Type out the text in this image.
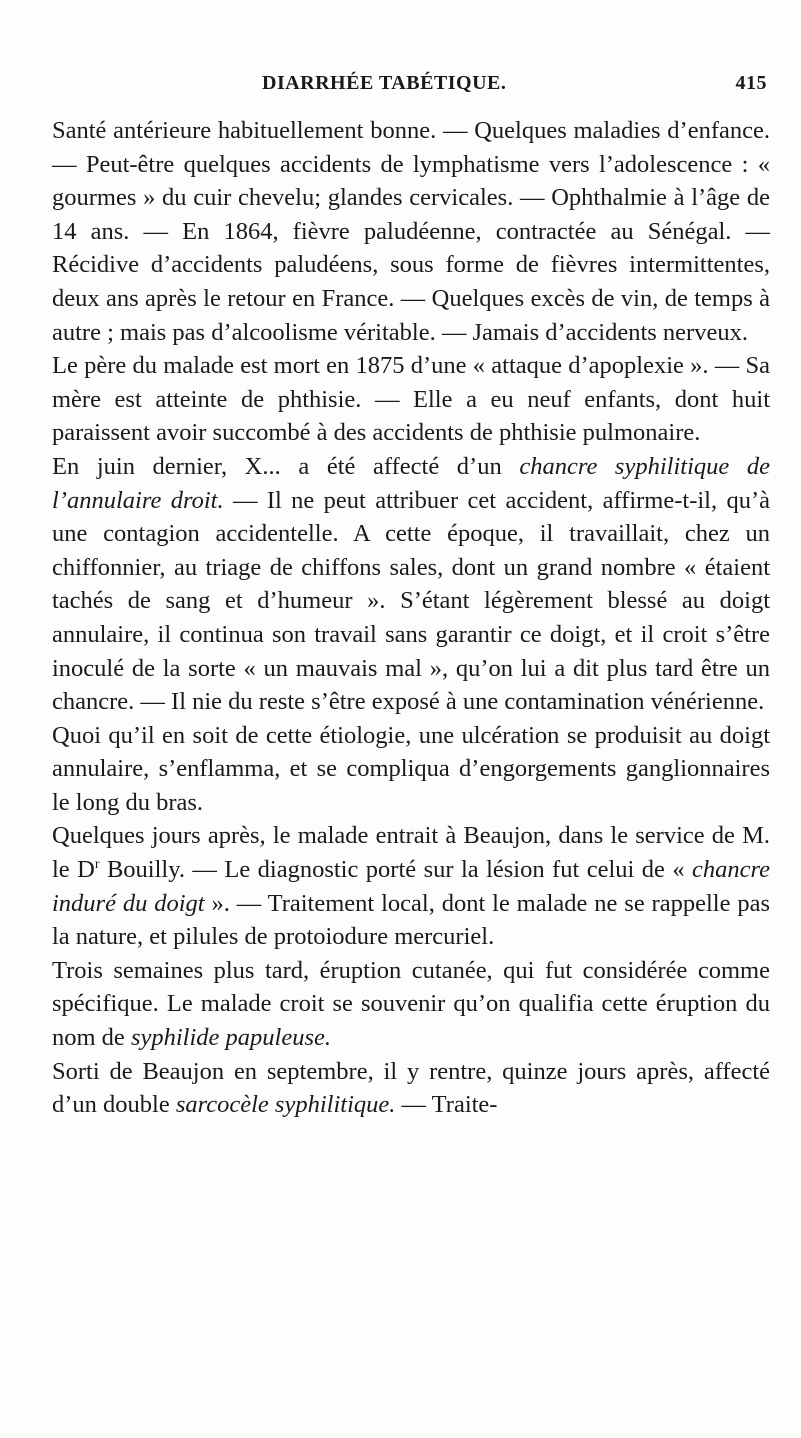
DIARRHÉE TABÉTIQUE.	415

Santé antérieure habituellement bonne. — Quelques maladies d’enfance. — Peut-être quelques accidents de lymphatisme vers l’adolescence : « gourmes » du cuir chevelu; glandes cervicales. — Ophthalmie à l’âge de 14 ans. — En 1864, fièvre paludéenne, contractée au Sénégal. — Récidive d’accidents paludéens, sous forme de fièvres intermittentes, deux ans après le retour en France. — Quelques excès de vin, de temps à autre ; mais pas d’alcoolisme véritable. — Jamais d’accidents nerveux.

Le père du malade est mort en 1875 d’une « attaque d’apoplexie ». — Sa mère est atteinte de phthisie. — Elle a eu neuf enfants, dont huit paraissent avoir succombé à des accidents de phthisie pulmonaire.

En juin dernier, X... a été affecté d’un chancre syphilitique de l’annulaire droit. — Il ne peut attribuer cet accident, affirme-t-il, qu’à une contagion accidentelle. A cette époque, il travaillait, chez un chiffonnier, au triage de chiffons sales, dont un grand nombre « étaient tachés de sang et d’humeur ». S’étant légèrement blessé au doigt annulaire, il continua son travail sans garantir ce doigt, et il croit s’être inoculé de la sorte « un mauvais mal », qu’on lui a dit plus tard être un chancre. — Il nie du reste s’être exposé à une contamination vénérienne.

Quoi qu’il en soit de cette étiologie, une ulcération se produisit au doigt annulaire, s’enflamma, et se compliqua d’engorgements ganglionnaires le long du bras.

Quelques jours après, le malade entrait à Beaujon, dans le service de M. le $D^r$ Bouilly. — Le diagnostic porté sur la lésion fut celui de « chancre induré du doigt ». — Traitement local, dont le malade ne se rappelle pas la nature, et pilules de protoiodure mercuriel.

Trois semaines plus tard, éruption cutanée, qui fut considérée comme spécifique. Le malade croit se souvenir qu’on qualifia cette éruption du nom de syphilide papuleuse.

Sorti de Beaujon en septembre, il y rentre, quinze jours après, affecté d’un double sarcocèle syphilitique. — Traite-
